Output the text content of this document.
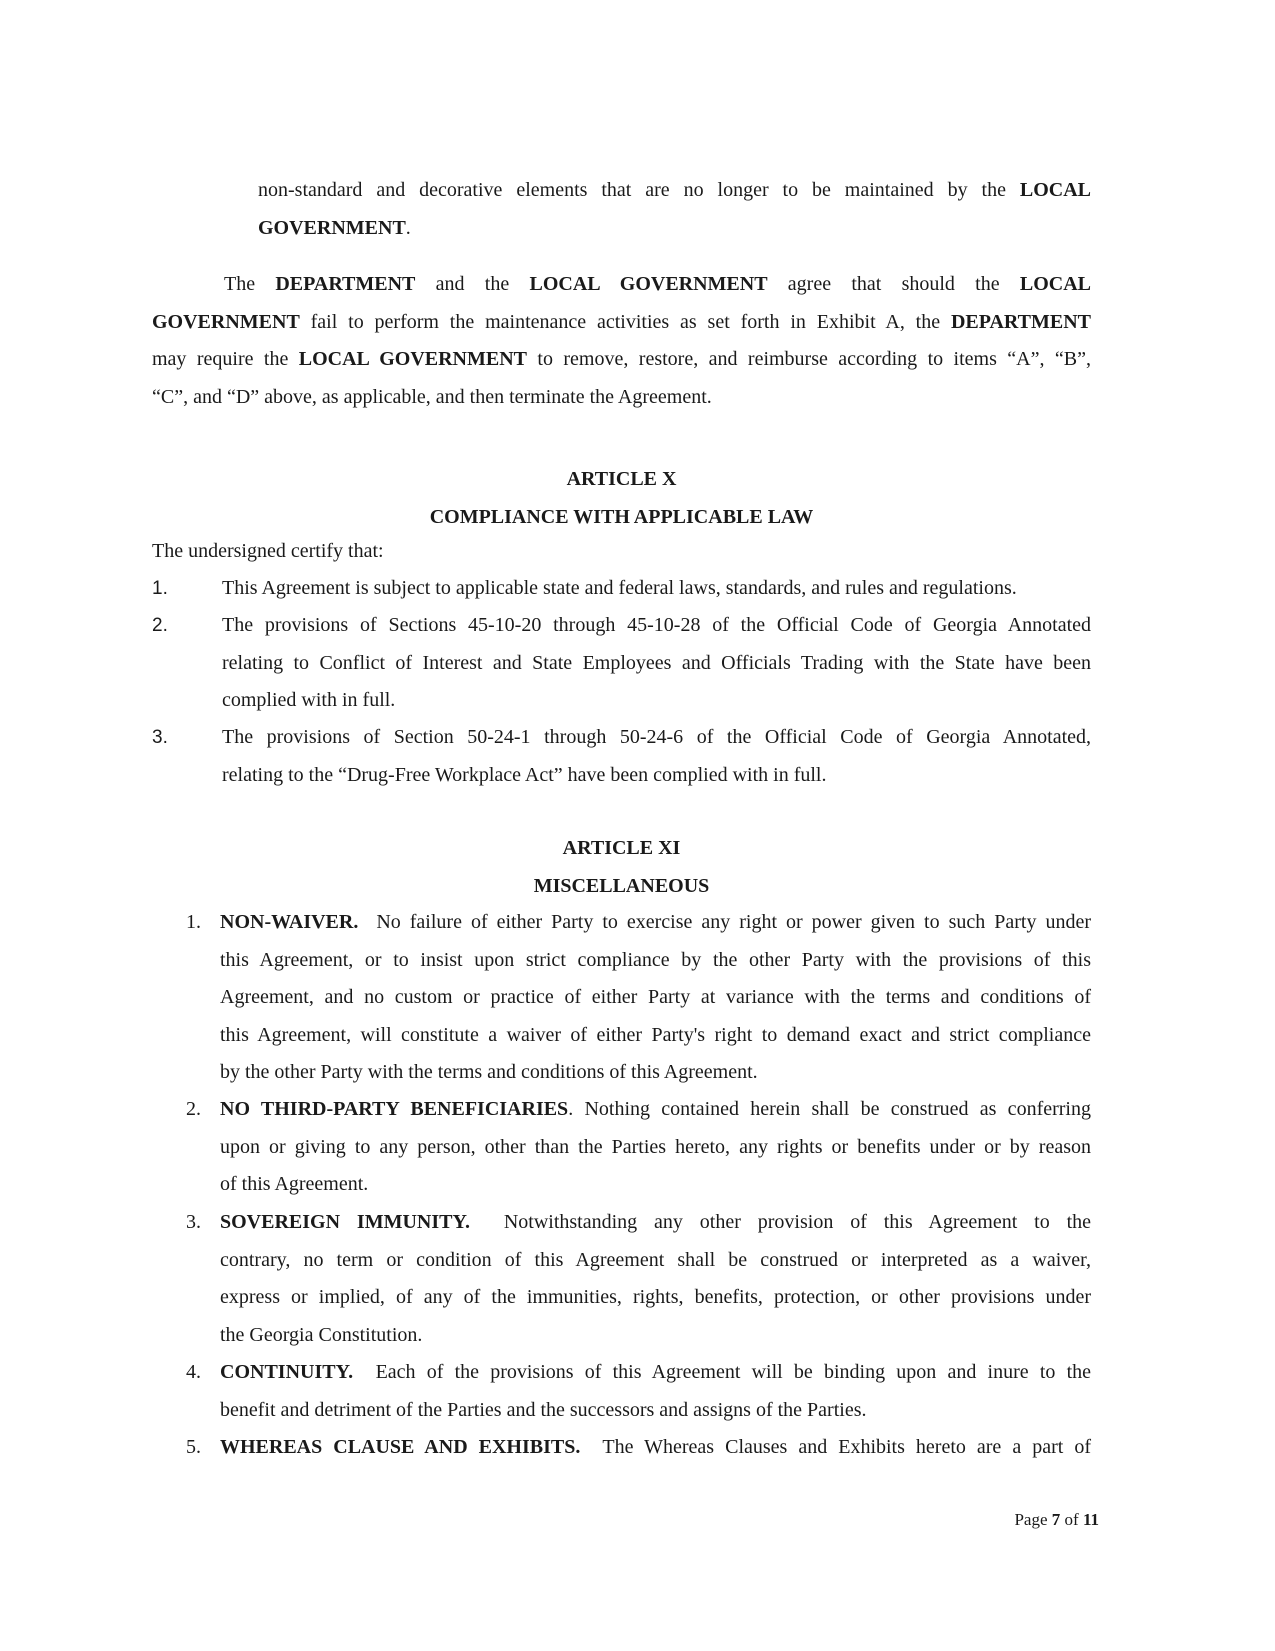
non-standard and decorative elements that are no longer to be maintained by the LOCAL
GOVERNMENT.
The DEPARTMENT and the LOCAL GOVERNMENT agree that should the LOCAL
GOVERNMENT fail to perform the maintenance activities as set forth in Exhibit A, the DEPARTMENT
may require the LOCAL GOVERNMENT to remove, restore, and reimburse according to items “A”, “B”,
“C”, and “D” above, as applicable, and then terminate the Agreement.
ARTICLE X
COMPLIANCE WITH APPLICABLE LAW
The undersigned certify that:
1.	This Agreement is subject to applicable state and federal laws, standards, and rules and regulations.
2.	The provisions of Sections 45-10-20 through 45-10-28 of the Official Code of Georgia Annotated
relating to Conflict of Interest and State Employees and Officials Trading with the State have been
complied with in full.
3.	The provisions of Section 50-24-1 through 50-24-6 of the Official Code of Georgia Annotated,
relating to the “Drug-Free Workplace Act” have been complied with in full.
ARTICLE XI
MISCELLANEOUS
1. NON-WAIVER. No failure of either Party to exercise any right or power given to such Party under
this Agreement, or to insist upon strict compliance by the other Party with the provisions of this
Agreement, and no custom or practice of either Party at variance with the terms and conditions of
this Agreement, will constitute a waiver of either Party's right to demand exact and strict compliance
by the other Party with the terms and conditions of this Agreement.
2. NO THIRD-PARTY BENEFICIARIES. Nothing contained herein shall be construed as conferring
upon or giving to any person, other than the Parties hereto, any rights or benefits under or by reason
of this Agreement.
3. SOVEREIGN IMMUNITY. Notwithstanding any other provision of this Agreement to the
contrary, no term or condition of this Agreement shall be construed or interpreted as a waiver,
express or implied, of any of the immunities, rights, benefits, protection, or other provisions under
the Georgia Constitution.
4. CONTINUITY. Each of the provisions of this Agreement will be binding upon and inure to the
benefit and detriment of the Parties and the successors and assigns of the Parties.
5. WHEREAS CLAUSE AND EXHIBITS. The Whereas Clauses and Exhibits hereto are a part of
Page 7 of 11
